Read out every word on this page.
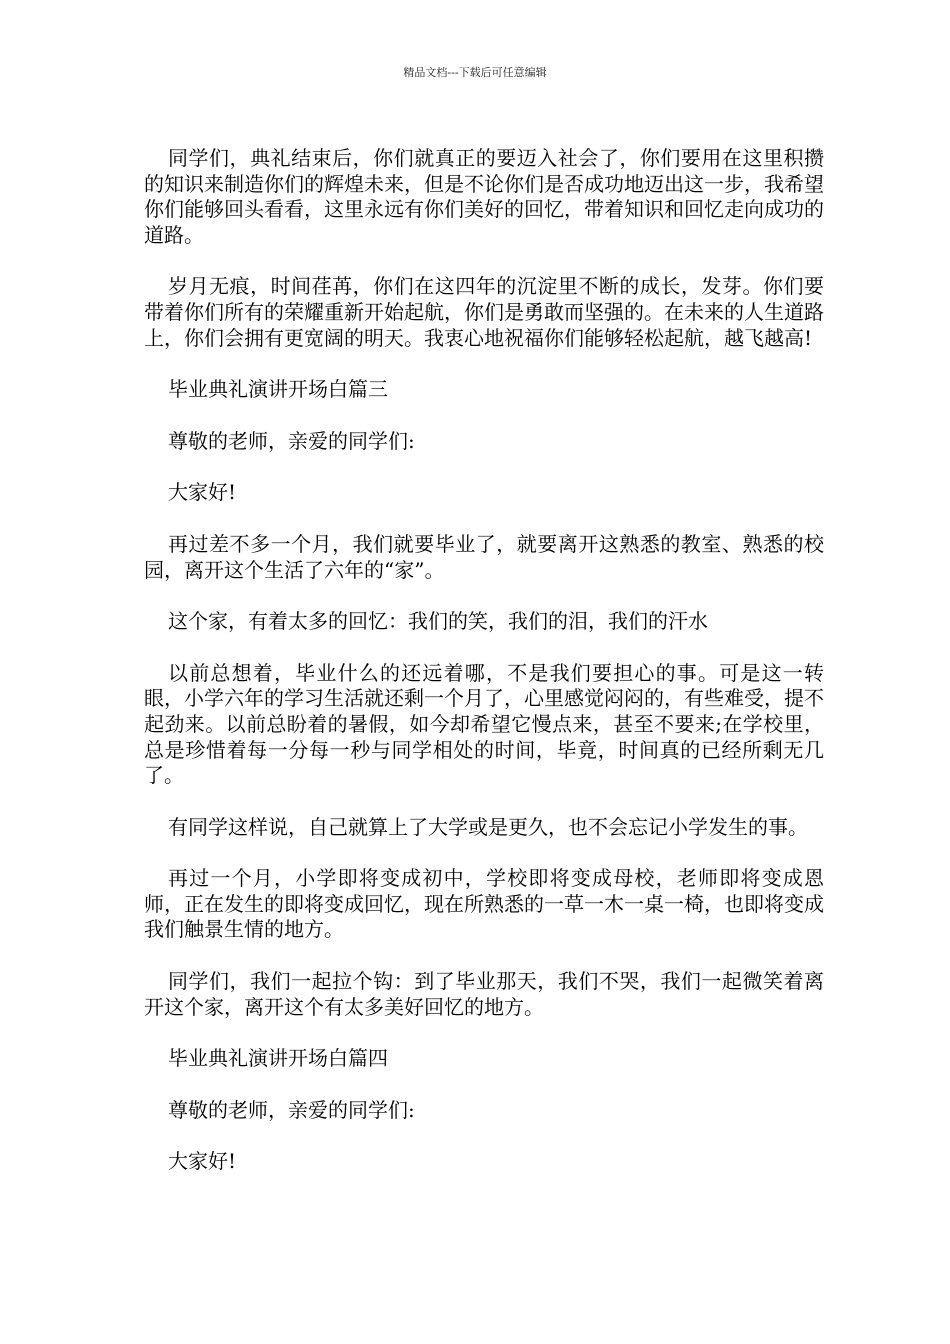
精品文档---下载后可任意编辑

同学们，典礼结束后，你们就真正的要迈入社会了，你们要用在这里积攒的知识来制造你们的辉煌未来，但是不论你们是否成功地迈出这一步，我希望你们能够回头看看，这里永远有你们美好的回忆，带着知识和回忆走向成功的道路。

岁月无痕，时间荏苒，你们在这四年的沉淀里不断的成长，发芽。你们要带着你们所有的荣耀重新开始起航，你们是勇敢而坚强的。在未来的人生道路上，你们会拥有更宽阔的明天。我衷心地祝福你们能够轻松起航，越飞越高!

毕业典礼演讲开场白篇三

尊敬的老师，亲爱的同学们:

大家好!

再过差不多一个月，我们就要毕业了，就要离开这熟悉的教室、熟悉的校园，离开这个生活了六年的“家”。

这个家，有着太多的回忆：我们的笑，我们的泪，我们的汗水

以前总想着，毕业什么的还远着哪，不是我们要担心的事。可是这一转眼，小学六年的学习生活就还剩一个月了，心里感觉闷闷的，有些难受，提不起劲来。以前总盼着的暑假，如今却希望它慢点来，甚至不要来;在学校里，总是珍惜着每一分每一秒与同学相处的时间，毕竟，时间真的已经所剩无几了。

有同学这样说，自己就算上了大学或是更久，也不会忘记小学发生的事。

再过一个月，小学即将变成初中，学校即将变成母校，老师即将变成恩师，正在发生的即将变成回忆，现在所熟悉的一草一木一桌一椅，也即将变成我们触景生情的地方。

同学们，我们一起拉个钩：到了毕业那天，我们不哭，我们一起微笑着离开这个家，离开这个有太多美好回忆的地方。

毕业典礼演讲开场白篇四

尊敬的老师，亲爱的同学们:

大家好!
